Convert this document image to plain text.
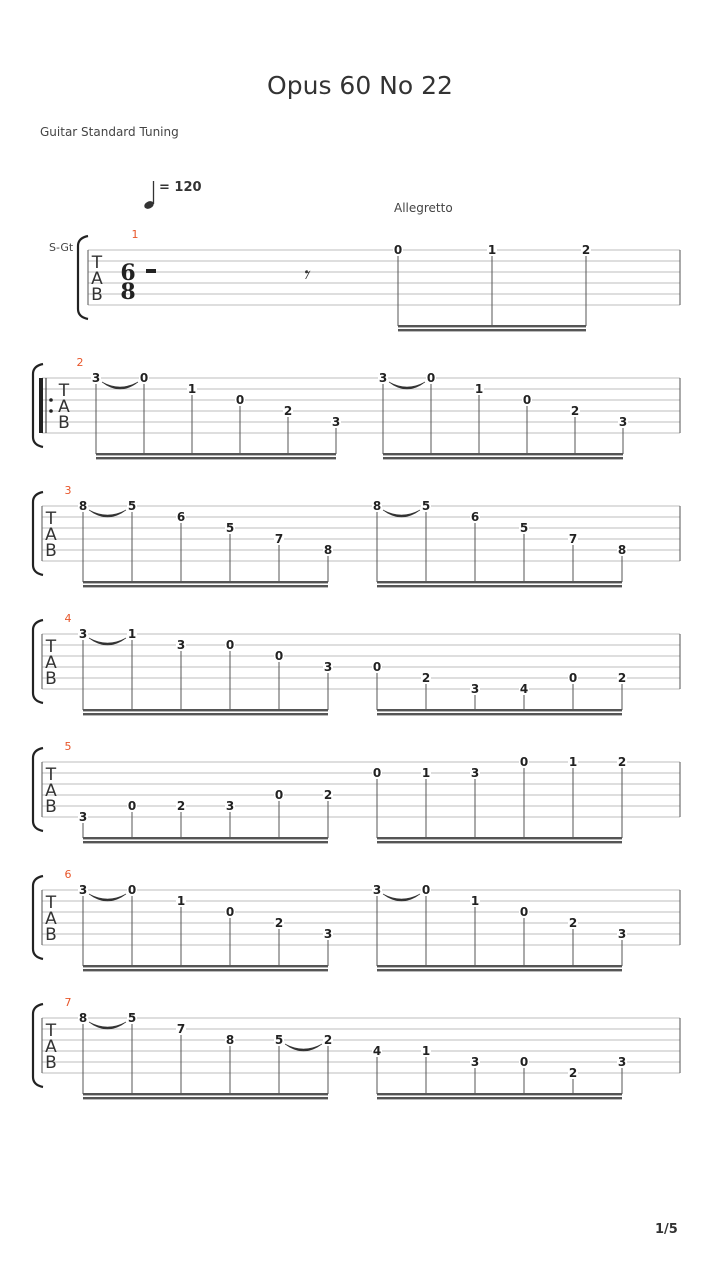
Opus 60 No 22
Guitar Standard Tuning
= 120
Allegretto
S-Gt
1/5
T
A
B
6
8
𝄾
1
0	1	2
T
A
B
2
3	0
1
0
2
3
3	0
1
0
2
3
T
A
B
3
8	5
6
5
7
8
8	5
6
5
7
8
T
A
B
4
3	1
3	0
0
3	0
2
3	4
0	2
T
A
B
5
3
0	2	3
0	2
0	1	3
0	1	2
T
A
B
6
3	0
1
0
2
3
3	0
1
0
2
3
T
A
B
7
8	5
7
8	5	2
4	1
3	0
2
3
